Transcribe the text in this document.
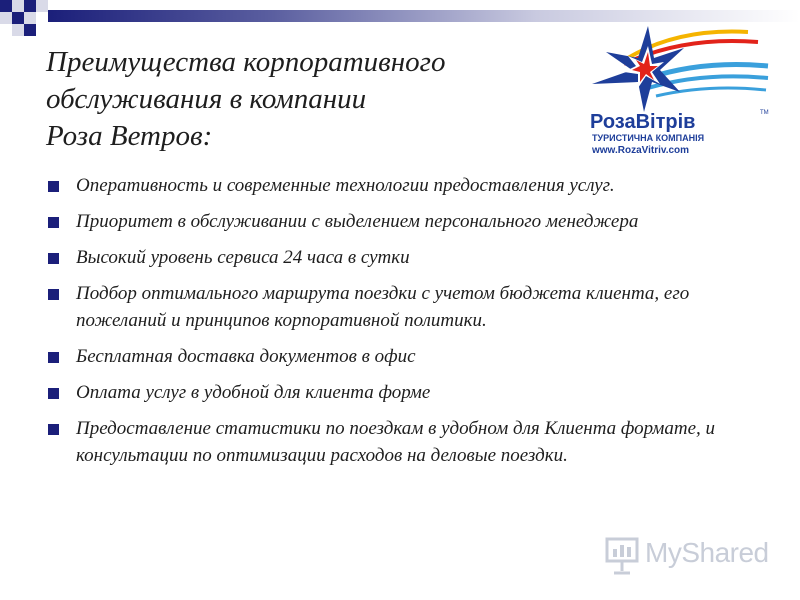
Преимущества корпоративного
обслуживания в компании
Роза Ветров:	РозаВітрів	TM
ТУРИСТИЧНА КОМПАНІЯ
www.RozaVitriv.com
Оперативность и современные технологии предоставления услуг.
Приоритет в обслуживании с выделением персонального менеджера
Высокий уровень сервиса 24 часа в сутки
Подбор оптимального маршрута поездки с учетом бюджета клиента, его пожеланий и принципов корпоративной политики.
Бесплатная доставка документов в офис
Оплата услуг в удобной для клиента форме
Предоставление статистики по поездкам в удобном для Клиента формате, и консультации по оптимизации расходов на деловые поездки.
MyShared
